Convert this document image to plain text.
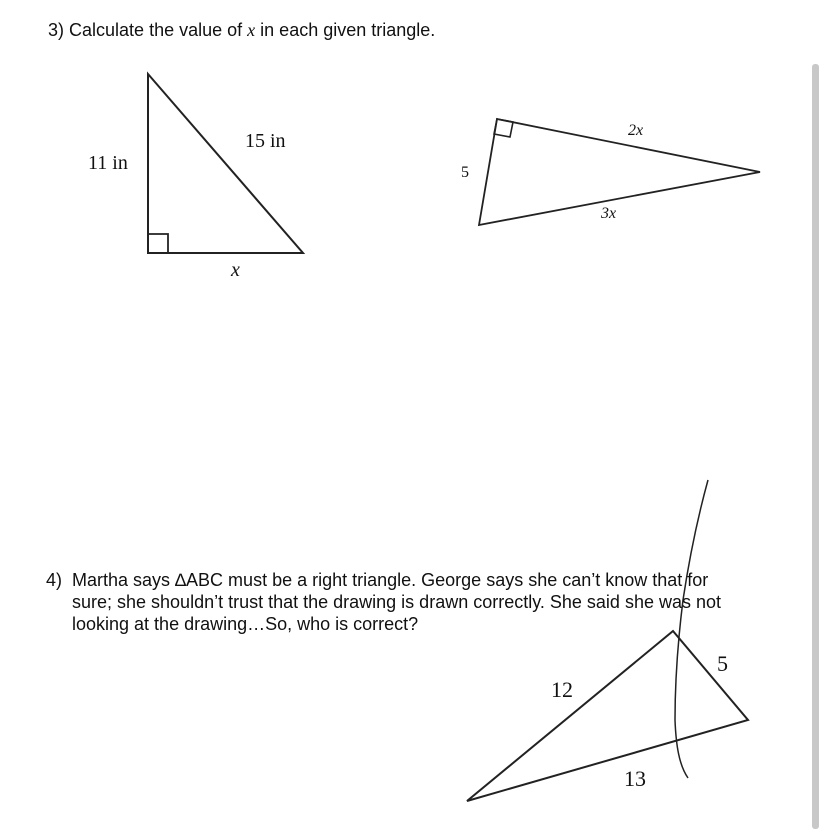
3) Calculate the value of x in each given triangle.
11 in
15 in
x
5
2x
3x
12
5
13
4) Martha says ∆ABC must be a right triangle. George says she can’t know that for
sure; she shouldn’t trust that the drawing is drawn correctly. She said she was not
looking at the drawing…So, who is correct?
